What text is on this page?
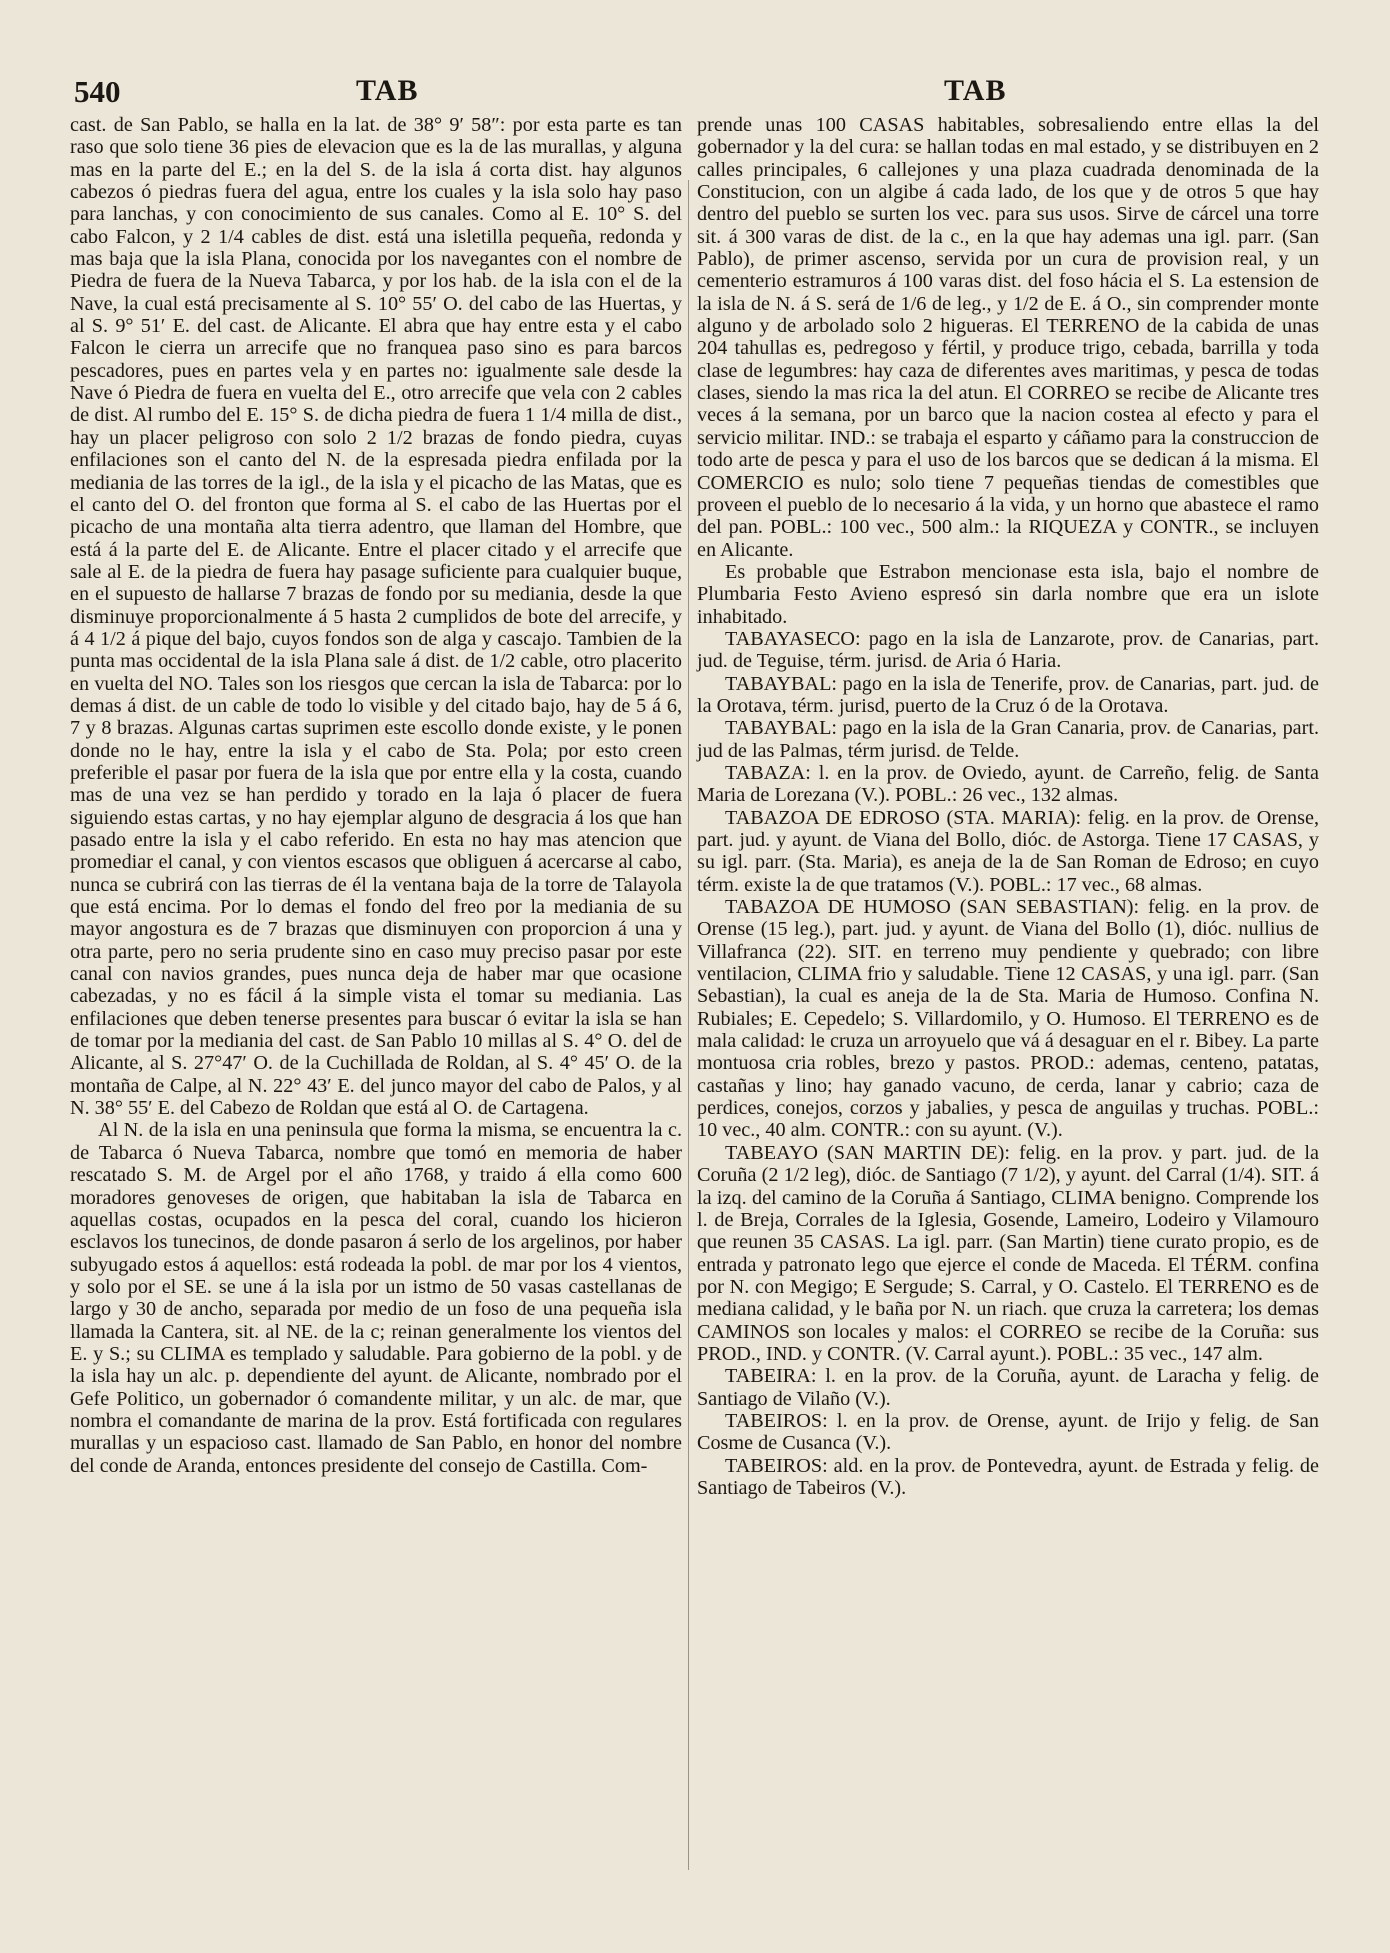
540	TAB	TAB

cast. de San Pablo, se halla en la lat. de 38° 9′ 58″: por esta parte es tan raso que solo tiene 36 pies de elevacion que es la de las murallas, y alguna mas en la parte del E.; en la del S. de la isla á corta dist. hay algunos cabezos ó piedras fuera del agua, entre los cuales y la isla solo hay paso para lanchas, y con conocimiento de sus canales. Como al E. 10° S. del cabo Falcon, y 2 1/4 cables de dist. está una isletilla pequeña, redonda y mas baja que la isla Plana, conocida por los navegantes con el nombre de Piedra de fuera de la Nueva Tabarca, y por los hab. de la isla con el de la Nave, la cual está precisamente al S. 10° 55′ O. del cabo de las Huertas, y al S. 9° 51′ E. del cast. de Alicante. El abra que hay entre esta y el cabo Falcon le cierra un arrecife que no franquea paso sino es para barcos pescadores, pues en partes vela y en partes no: igualmente sale desde la Nave ó Piedra de fuera en vuelta del E., otro arrecife que vela con 2 cables de dist. Al rumbo del E. 15° S. de dicha piedra de fuera 1 1/4 milla de dist., hay un placer peligroso con solo 2 1/2 brazas de fondo piedra, cuyas enfilaciones son el canto del N. de la espresada piedra enfilada por la mediania de las torres de la igl., de la isla y el picacho de las Matas, que es el canto del O. del fronton que forma al S. el cabo de las Huertas por el picacho de una montaña alta tierra adentro, que llaman del Hombre, que está á la parte del E. de Alicante. Entre el placer citado y el arrecife que sale al E. de la piedra de fuera hay pasage suficiente para cualquier buque, en el supuesto de hallarse 7 brazas de fondo por su mediania, desde la que disminuye proporcionalmente á 5 hasta 2 cumplidos de bote del arrecife, y á 4 1/2 á pique del bajo, cuyos fondos son de alga y cascajo. Tambien de la punta mas occidental de la isla Plana sale á dist. de 1/2 cable, otro placerito en vuelta del NO. Tales son los riesgos que cercan la isla de Tabarca: por lo demas á dist. de un cable de todo lo visible y del citado bajo, hay de 5 á 6, 7 y 8 brazas. Algunas cartas suprimen este escollo donde existe, y le ponen donde no le hay, entre la isla y el cabo de Sta. Pola; por esto creen preferible el pasar por fuera de la isla que por entre ella y la costa, cuando mas de una vez se han perdido y torado en la laja ó placer de fuera siguiendo estas cartas, y no hay ejemplar alguno de desgracia á los que han pasado entre la isla y el cabo referido. En esta no hay mas atencion que promediar el canal, y con vientos escasos que obliguen á acercarse al cabo, nunca se cubrirá con las tierras de él la ventana baja de la torre de Talayola que está encima. Por lo demas el fondo del freo por la mediania de su mayor angostura es de 7 brazas que disminuyen con proporcion á una y otra parte, pero no seria prudente sino en caso muy preciso pasar por este canal con navios grandes, pues nunca deja de haber mar que ocasione cabezadas, y no es fácil á la simple vista el tomar su mediania. Las enfilaciones que deben tenerse presentes para buscar ó evitar la isla se han de tomar por la mediania del cast. de San Pablo 10 millas al S. 4° O. del de Alicante, al S. 27°47′ O. de la Cuchillada de Roldan, al S. 4° 45′ O. de la montaña de Calpe, al N. 22° 43′ E. del junco mayor del cabo de Palos, y al N. 38° 55′ E. del Cabezo de Roldan que está al O. de Cartagena.

Al N. de la isla en una peninsula que forma la misma, se encuentra la c. de Tabarca ó Nueva Tabarca, nombre que tomó en memoria de haber rescatado S. M. de Argel por el año 1768, y traido á ella como 600 moradores genoveses de origen, que habitaban la isla de Tabarca en aquellas costas, ocupados en la pesca del coral, cuando los hicieron esclavos los tunecinos, de donde pasaron á serlo de los argelinos, por haber subyugado estos á aquellos: está rodeada la pobl. de mar por los 4 vientos, y solo por el SE. se une á la isla por un istmo de 50 vasas castellanas de largo y 30 de ancho, separada por medio de un foso de una pequeña isla llamada la Cantera, sit. al NE. de la c; reinan generalmente los vientos del E. y S.; su CLIMA es templado y saludable. Para gobierno de la pobl. y de la isla hay un alc. p. dependiente del ayunt. de Alicante, nombrado por el Gefe Politico, un gobernador ó comandente militar, y un alc. de mar, que nombra el comandante de marina de la prov. Está fortificada con regulares murallas y un espacioso cast. llamado de San Pablo, en honor del nombre del conde de Aranda, entonces presidente del consejo de Castilla. Com-

prende unas 100 CASAS habitables, sobresaliendo entre ellas la del gobernador y la del cura: se hallan todas en mal estado, y se distribuyen en 2 calles principales, 6 callejones y una plaza cuadrada denominada de la Constitucion, con un algibe á cada lado, de los que y de otros 5 que hay dentro del pueblo se surten los vec. para sus usos. Sirve de cárcel una torre sit. á 300 varas de dist. de la c., en la que hay ademas una igl. parr. (San Pablo), de primer ascenso, servida por un cura de provision real, y un cementerio estramuros á 100 varas dist. del foso hácia el S. La estension de la isla de N. á S. será de 1/6 de leg., y 1/2 de E. á O., sin comprender monte alguno y de arbolado solo 2 higueras. El TERRENO de la cabida de unas 204 tahullas es, pedregoso y fértil, y produce trigo, cebada, barrilla y toda clase de legumbres: hay caza de diferentes aves maritimas, y pesca de todas clases, siendo la mas rica la del atun. El CORREO se recibe de Alicante tres veces á la semana, por un barco que la nacion costea al efecto y para el servicio militar. IND.: se trabaja el esparto y cáñamo para la construccion de todo arte de pesca y para el uso de los barcos que se dedican á la misma. El COMERCIO es nulo; solo tiene 7 pequeñas tiendas de comestibles que proveen el pueblo de lo necesario á la vida, y un horno que abastece el ramo del pan. POBL.: 100 vec., 500 alm.: la RIQUEZA y CONTR., se incluyen en Alicante.

Es probable que Estrabon mencionase esta isla, bajo el nombre de Plumbaria Festo Avieno espresó sin darla nombre que era un islote inhabitado.

TABAYASECO: pago en la isla de Lanzarote, prov. de Canarias, part. jud. de Teguise, térm. jurisd. de Aria ó Haria.

TABAYBAL: pago en la isla de Tenerife, prov. de Canarias, part. jud. de la Orotava, térm. jurisd, puerto de la Cruz ó de la Orotava.

TABAYBAL: pago en la isla de la Gran Canaria, prov. de Canarias, part. jud de las Palmas, térm jurisd. de Telde.

TABAZA: l. en la prov. de Oviedo, ayunt. de Carreño, felig. de Santa Maria de Lorezana (V.). POBL.: 26 vec., 132 almas.

TABAZOA DE EDROSO (STA. MARIA): felig. en la prov. de Orense, part. jud. y ayunt. de Viana del Bollo, dióc. de Astorga. Tiene 17 CASAS, y su igl. parr. (Sta. Maria), es aneja de la de San Roman de Edroso; en cuyo térm. existe la de que tratamos (V.). POBL.: 17 vec., 68 almas.

TABAZOA DE HUMOSO (SAN SEBASTIAN): felig. en la prov. de Orense (15 leg.), part. jud. y ayunt. de Viana del Bollo (1), dióc. nullius de Villafranca (22). SIT. en terreno muy pendiente y quebrado; con libre ventilacion, CLIMA frio y saludable. Tiene 12 CASAS, y una igl. parr. (San Sebastian), la cual es aneja de la de Sta. Maria de Humoso. Confina N. Rubiales; E. Cepedelo; S. Villardomilo, y O. Humoso. El TERRENO es de mala calidad: le cruza un arroyuelo que vá á desaguar en el r. Bibey. La parte montuosa cria robles, brezo y pastos. PROD.: ademas, centeno, patatas, castañas y lino; hay ganado vacuno, de cerda, lanar y cabrio; caza de perdices, conejos, corzos y jabalies, y pesca de anguilas y truchas. POBL.: 10 vec., 40 alm. CONTR.: con su ayunt. (V.).

TABEAYO (SAN MARTIN DE): felig. en la prov. y part. jud. de la Coruña (2 1/2 leg), dióc. de Santiago (7 1/2), y ayunt. del Carral (1/4). SIT. á la izq. del camino de la Coruña á Santiago, CLIMA benigno. Comprende los l. de Breja, Corrales de la Iglesia, Gosende, Lameiro, Lodeiro y Vilamouro que reunen 35 CASAS. La igl. parr. (San Martin) tiene curato propio, es de entrada y patronato lego que ejerce el conde de Maceda. El TÉRM. confina por N. con Megigo; E Sergude; S. Carral, y O. Castelo. El TERRENO es de mediana calidad, y le baña por N. un riach. que cruza la carretera; los demas CAMINOS son locales y malos: el CORREO se recibe de la Coruña: sus PROD., IND. y CONTR. (V. Carral ayunt.). POBL.: 35 vec., 147 alm.

TABEIRA: l. en la prov. de la Coruña, ayunt. de Laracha y felig. de Santiago de Vilaño (V.).

TABEIROS: l. en la prov. de Orense, ayunt. de Irijo y felig. de San Cosme de Cusanca (V.).

TABEIROS: ald. en la prov. de Pontevedra, ayunt. de Estrada y felig. de Santiago de Tabeiros (V.).
